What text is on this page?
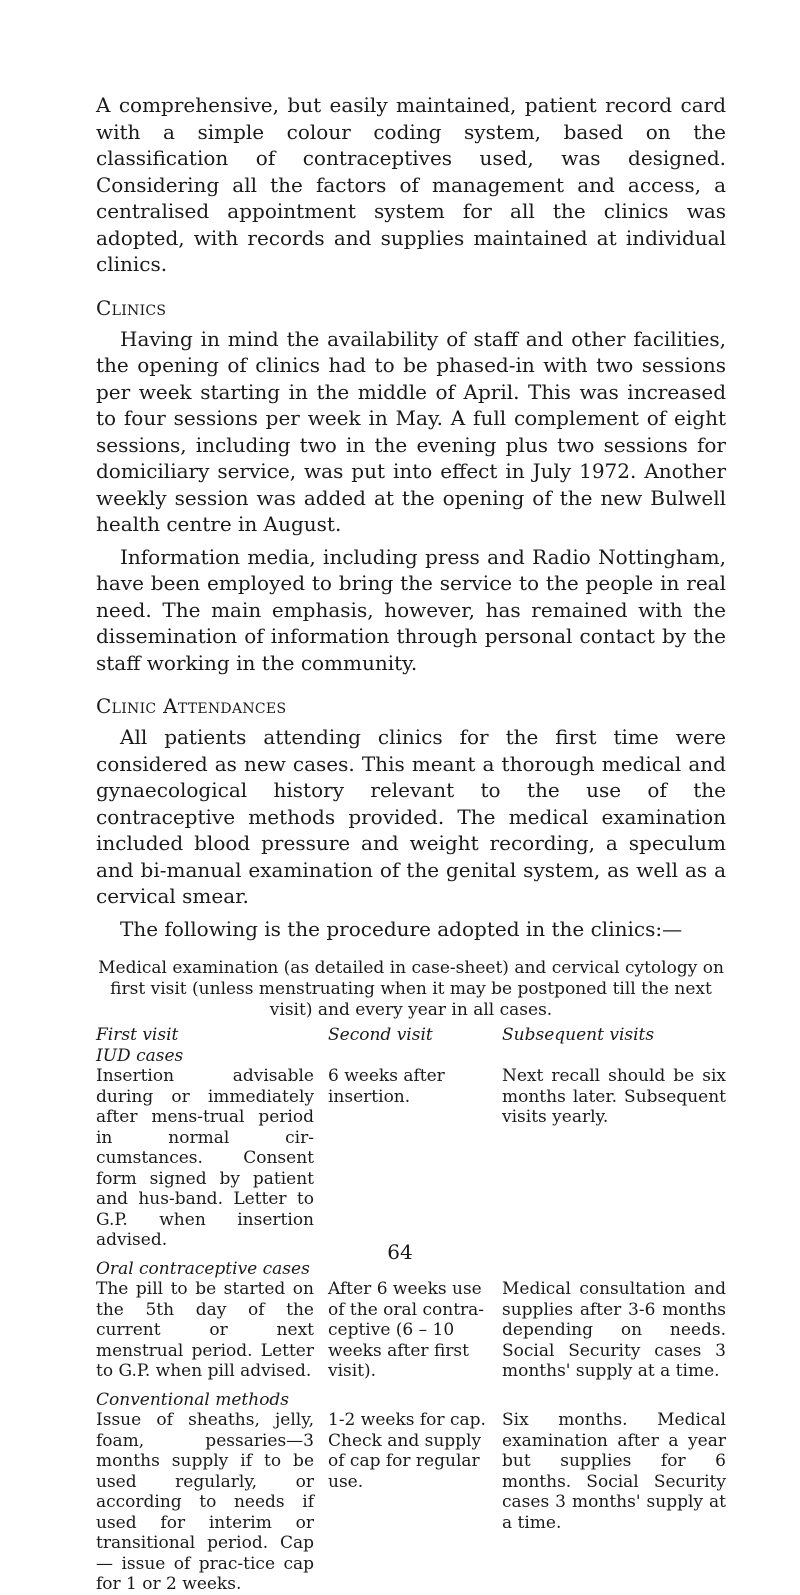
A comprehensive, but easily maintained, patient record card with a simple colour coding system, based on the classification of contraceptives used, was designed. Considering all the factors of management and access, a centralised appointment system for all the clinics was adopted, with records and supplies maintained at individual clinics.

Clinics

Having in mind the availability of staff and other facilities, the opening of clinics had to be phased-in with two sessions per week starting in the middle of April. This was increased to four sessions per week in May. A full complement of eight sessions, including two in the evening plus two sessions for domiciliary service, was put into effect in July 1972. Another weekly session was added at the opening of the new Bulwell health centre in August.

Information media, including press and Radio Nottingham, have been employed to bring the service to the people in real need. The main emphasis, however, has remained with the dissemination of information through personal contact by the staff working in the community.

Clinic Attendances

All patients attending clinics for the first time were considered as new cases. This meant a thorough medical and gynaecological history relevant to the use of the contraceptive methods provided. The medical examination included blood pressure and weight recording, a speculum and bi-manual examination of the genital system, as well as a cervical smear.

The following is the procedure adopted in the clinics:—

Medical examination (as detailed in case-sheet) and cervical cytology on first visit (unless menstruating when it may be postponed till the next visit) and every year in all cases.
First visit	Second visit	Subsequent visits
IUD cases
Insertion advisable during or immediately after mens-trual period in normal cir-cumstances. Consent form signed by patient and hus-band. Letter to G.P. when insertion advised.
6 weeks after insertion.
Next recall should be six months later. Subsequent visits yearly.
Oral contraceptive cases
The pill to be started on the 5th day of the current or next menstrual period. Letter to G.P. when pill advised.
After 6 weeks use of the oral contra-ceptive (6 – 10 weeks after first visit).
Medical consultation and supplies after 3-6 months depending on needs. Social Security cases 3 months' supply at a time.
Conventional methods
Issue of sheaths, jelly, foam, pessaries—3 months supply if to be used regularly, or according to needs if used for interim or transitional period. Cap — issue of prac-tice cap for 1 or 2 weeks.
1-2 weeks for cap. Check and supply of cap for regular use.
Six months. Medical examination after a year but supplies for 6 months. Social Security cases 3 months' supply at a time.
64
